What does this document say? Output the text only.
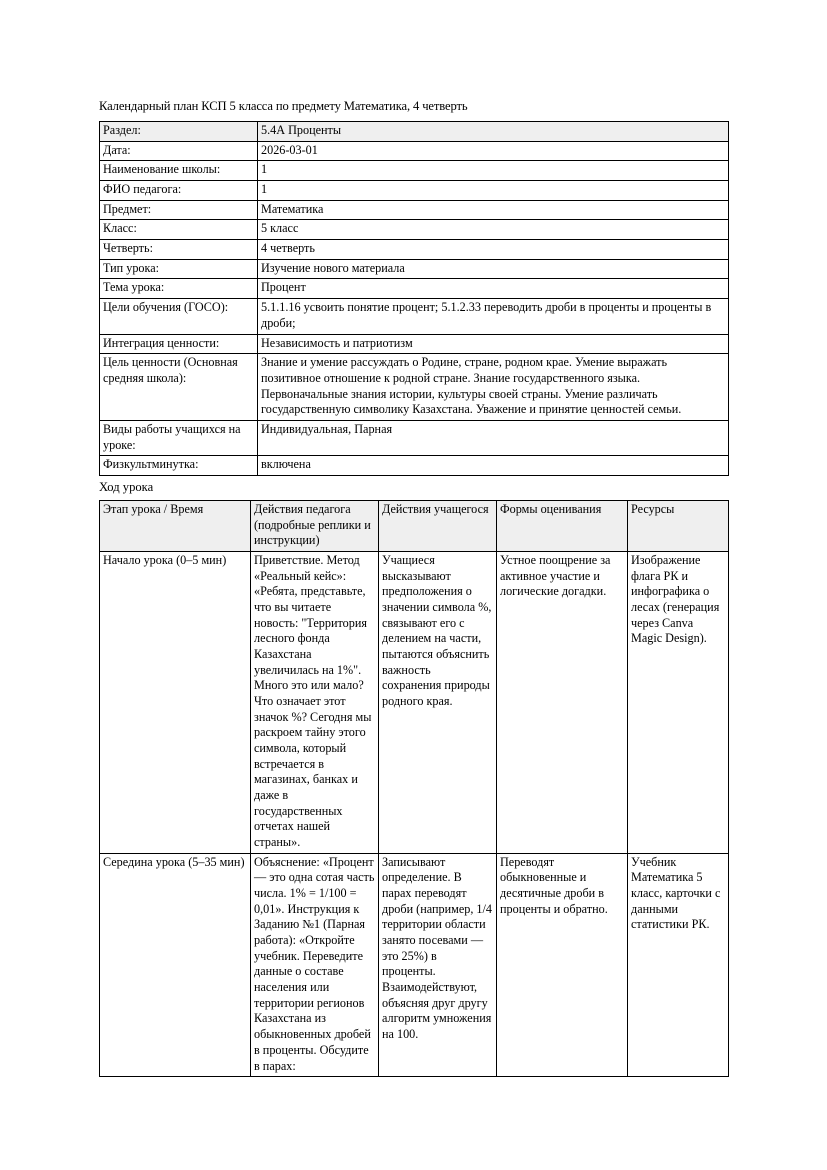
Календарный план КСП 5 класса по предмету Математика, 4 четверть

Раздел:	5.4А Проценты
Дата:	2026-03-01
Наименование школы:	1
ФИО педагога:	1
Предмет:	Математика
Класс:	5 класс
Четверть:	4 четверть
Тип урока:	Изучение нового материала
Тема урока:	Процент
Цели обучения (ГОСО):	5.1.1.16 усвоить понятие процент; 5.1.2.33 переводить дроби в проценты и проценты в дроби;
Интеграция ценности:	Независимость и патриотизм
Цель ценности (Основная средняя школа):	Знание и умение рассуждать о Родине, стране, родном крае. Умение выражать позитивное отношение к родной стране. Знание государственного языка. Первоначальные знания истории, культуры своей страны. Умение различать государственную символику Казахстана. Уважение и принятие ценностей семьи.
Виды работы учащихся на уроке:	Индивидуальная, Парная
Физкультминутка:	включена

Ход урока

Этап урока / Время	Действия педагога (подробные реплики и инструкции)	Действия учащегося	Формы оценивания	Ресурсы
Начало урока (0–5 мин)	Приветствие. Метод «Реальный кейс»: «Ребята, представьте, что вы читаете новость: "Территория лесного фонда Казахстана увеличилась на 1%". Много это или мало? Что означает этот значок %? Сегодня мы раскроем тайну этого символа, который встречается в магазинах, банках и даже в государственных отчетах нашей страны».	Учащиеся высказывают предположения о значении символа %, связывают его с делением на части, пытаются объяснить важность сохранения природы родного края.	Устное поощрение за активное участие и логические догадки.	Изображение флага РК и инфографика о лесах (генерация через Canva Magic Design).
Середина урока (5–35 мин)	Объяснение: «Процент — это одна сотая часть числа. 1% = 1/100 = 0,01». Инструкция к Заданию №1 (Парная работа): «Откройте учебник. Переведите данные о составе населения или территории регионов Казахстана из обыкновенных дробей в проценты. Обсудите в парах:	Записывают определение. В парах переводят дроби (например, 1/4 территории области занято посевами — это 25%) в проценты. Взаимодействуют, объясняя друг другу алгоритм умножения на 100.	Переводят обыкновенные и десятичные дроби в проценты и обратно.	Учебник Математика 5 класс, карточки с данными статистики РК.
